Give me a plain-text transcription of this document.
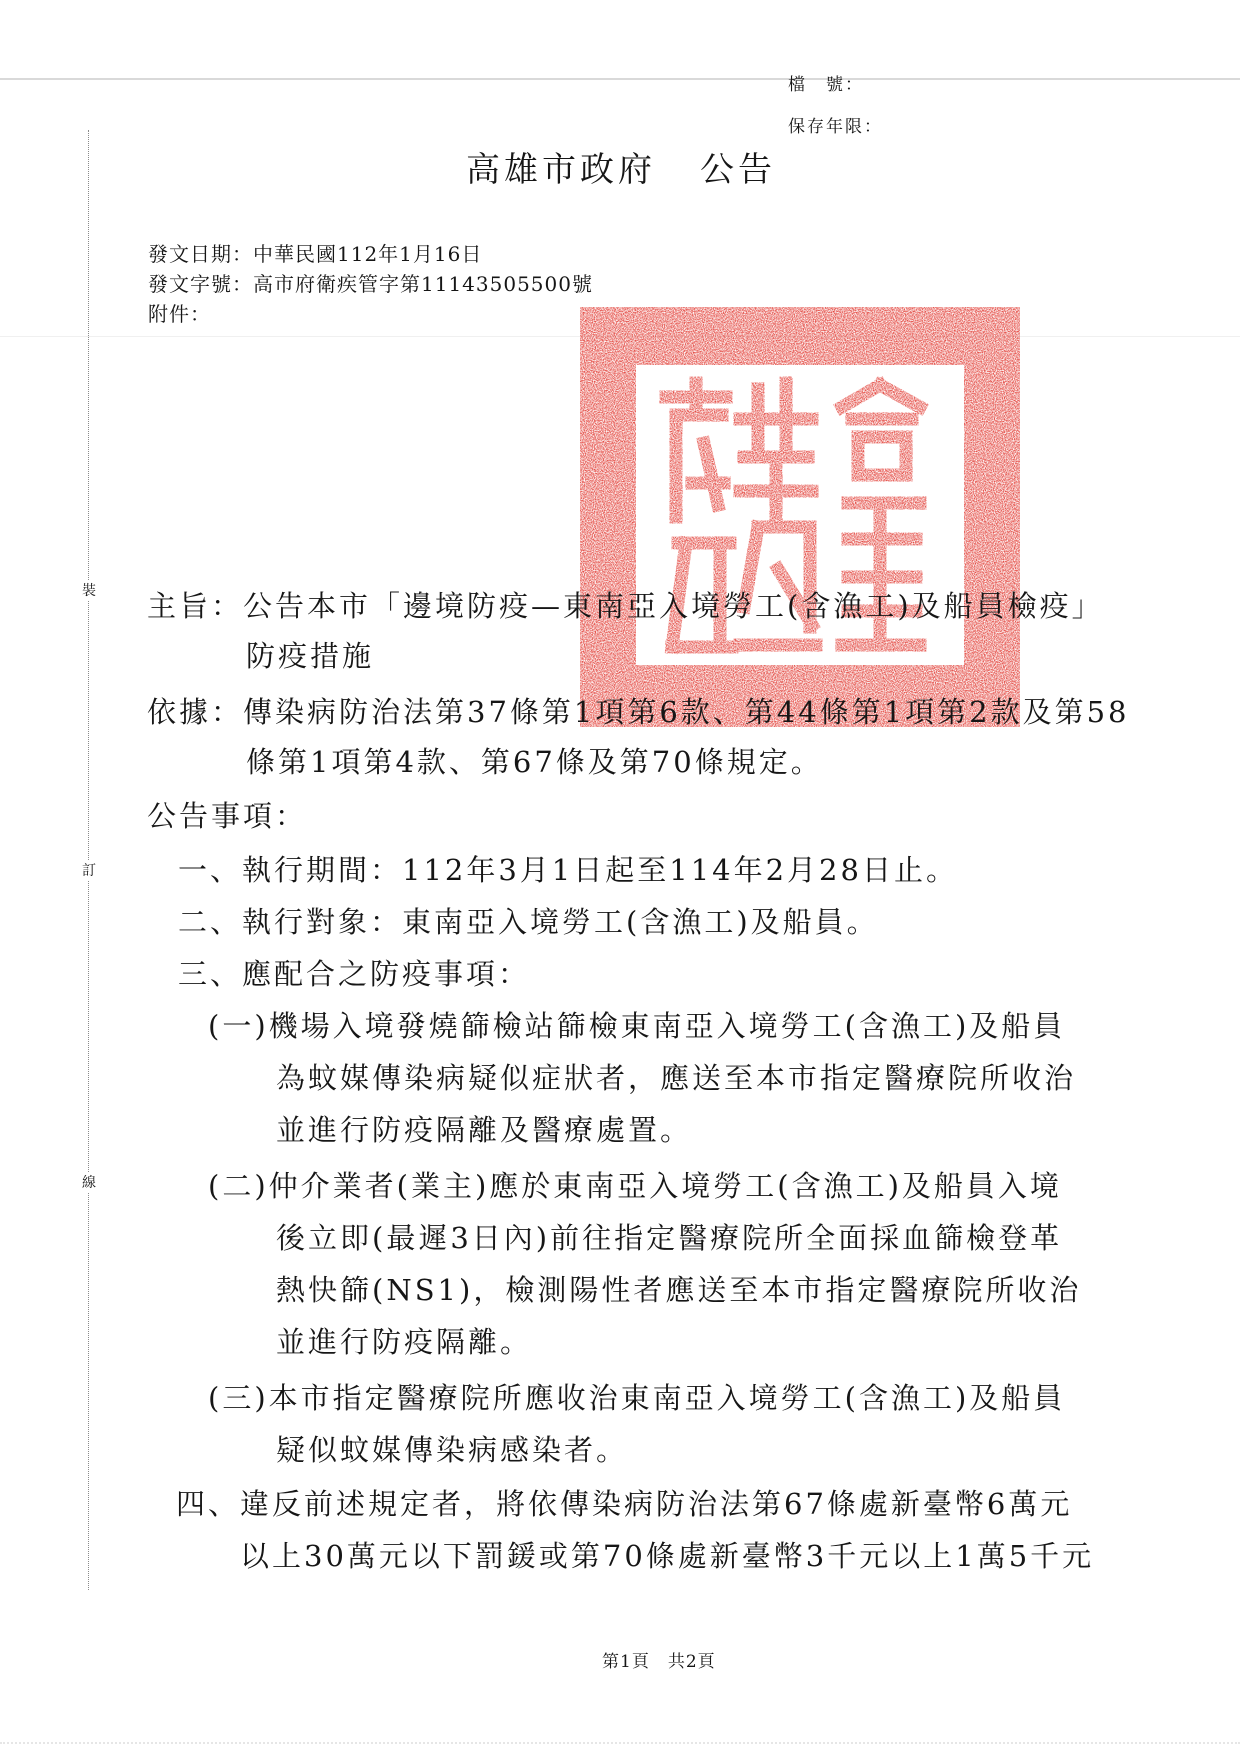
檔　號：
保存年限：
裝
訂
線
高雄市政府 公告
發文日期：中華民國112年1月16日
發文字號：高市府衛疾管字第11143505500號
附件：
主旨：公告本市「邊境防疫—東南亞入境勞工(含漁工)及船員檢疫」
防疫措施
依據：傳染病防治法第37條第1項第6款、第44條第1項第2款及第58
條第1項第4款、第67條及第70條規定。
公告事項：
一、執行期間：112年3月1日起至114年2月28日止。
二、執行對象：東南亞入境勞工(含漁工)及船員。
三、應配合之防疫事項：
(一)機場入境發燒篩檢站篩檢東南亞入境勞工(含漁工)及船員
為蚊媒傳染病疑似症狀者，應送至本市指定醫療院所收治
並進行防疫隔離及醫療處置。
(二)仲介業者(業主)應於東南亞入境勞工(含漁工)及船員入境
後立即(最遲3日內)前往指定醫療院所全面採血篩檢登革
熱快篩(NS1)，檢測陽性者應送至本市指定醫療院所收治
並進行防疫隔離。
(三)本市指定醫療院所應收治東南亞入境勞工(含漁工)及船員
疑似蚊媒傳染病感染者。
四、違反前述規定者，將依傳染病防治法第67條處新臺幣6萬元
以上30萬元以下罰鍰或第70條處新臺幣3千元以上1萬5千元
第1頁　共2頁
